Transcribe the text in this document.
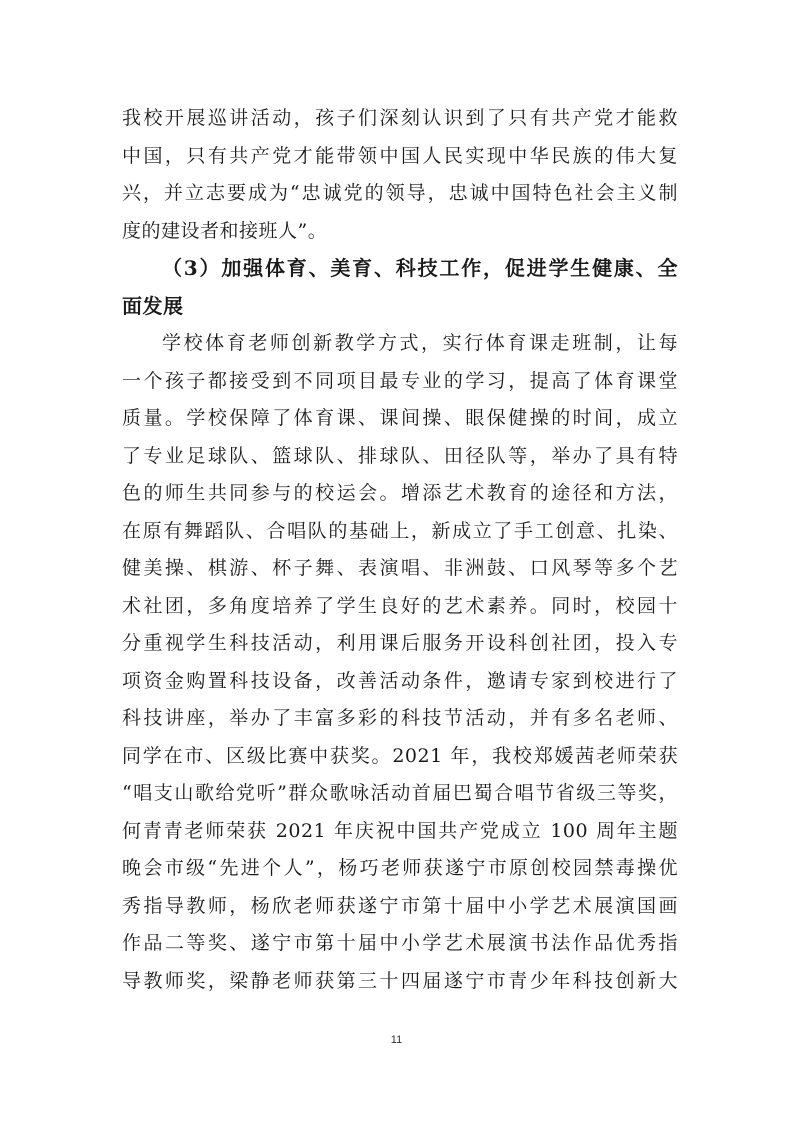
我校开展巡讲活动，孩子们深刻认识到了只有共产党才能救
中国，只有共产党才能带领中国人民实现中华民族的伟大复
兴，并立志要成为“忠诚党的领导，忠诚中国特色社会主义制
度的建设者和接班人”。
（3）加强体育、美育、科技工作，促进学生健康、全
面发展
学校体育老师创新教学方式，实行体育课走班制，让每
一个孩子都接受到不同项目最专业的学习，提高了体育课堂
质量。学校保障了体育课、课间操、眼保健操的时间，成立
了专业足球队、篮球队、排球队、田径队等，举办了具有特
色的师生共同参与的校运会。增添艺术教育的途径和方法，
在原有舞蹈队、合唱队的基础上，新成立了手工创意、扎染、
健美操、棋游、杯子舞、表演唱、非洲鼓、口风琴等多个艺
术社团，多角度培养了学生良好的艺术素养。同时，校园十
分重视学生科技活动，利用课后服务开设科创社团，投入专
项资金购置科技设备，改善活动条件，邀请专家到校进行了
科技讲座，举办了丰富多彩的科技节活动，并有多名老师、
同学在市、区级比赛中获奖。2021 年，我校郑媛茜老师荣获
“唱支山歌给党听”群众歌咏活动首届巴蜀合唱节省级三等奖，
何青青老师荣获 2021 年庆祝中国共产党成立 100 周年主题
晚会市级“先进个人”，杨巧老师获遂宁市原创校园禁毒操优
秀指导教师，杨欣老师获遂宁市第十届中小学艺术展演国画
作品二等奖、遂宁市第十届中小学艺术展演书法作品优秀指
导教师奖，梁静老师获第三十四届遂宁市青少年科技创新大
11
